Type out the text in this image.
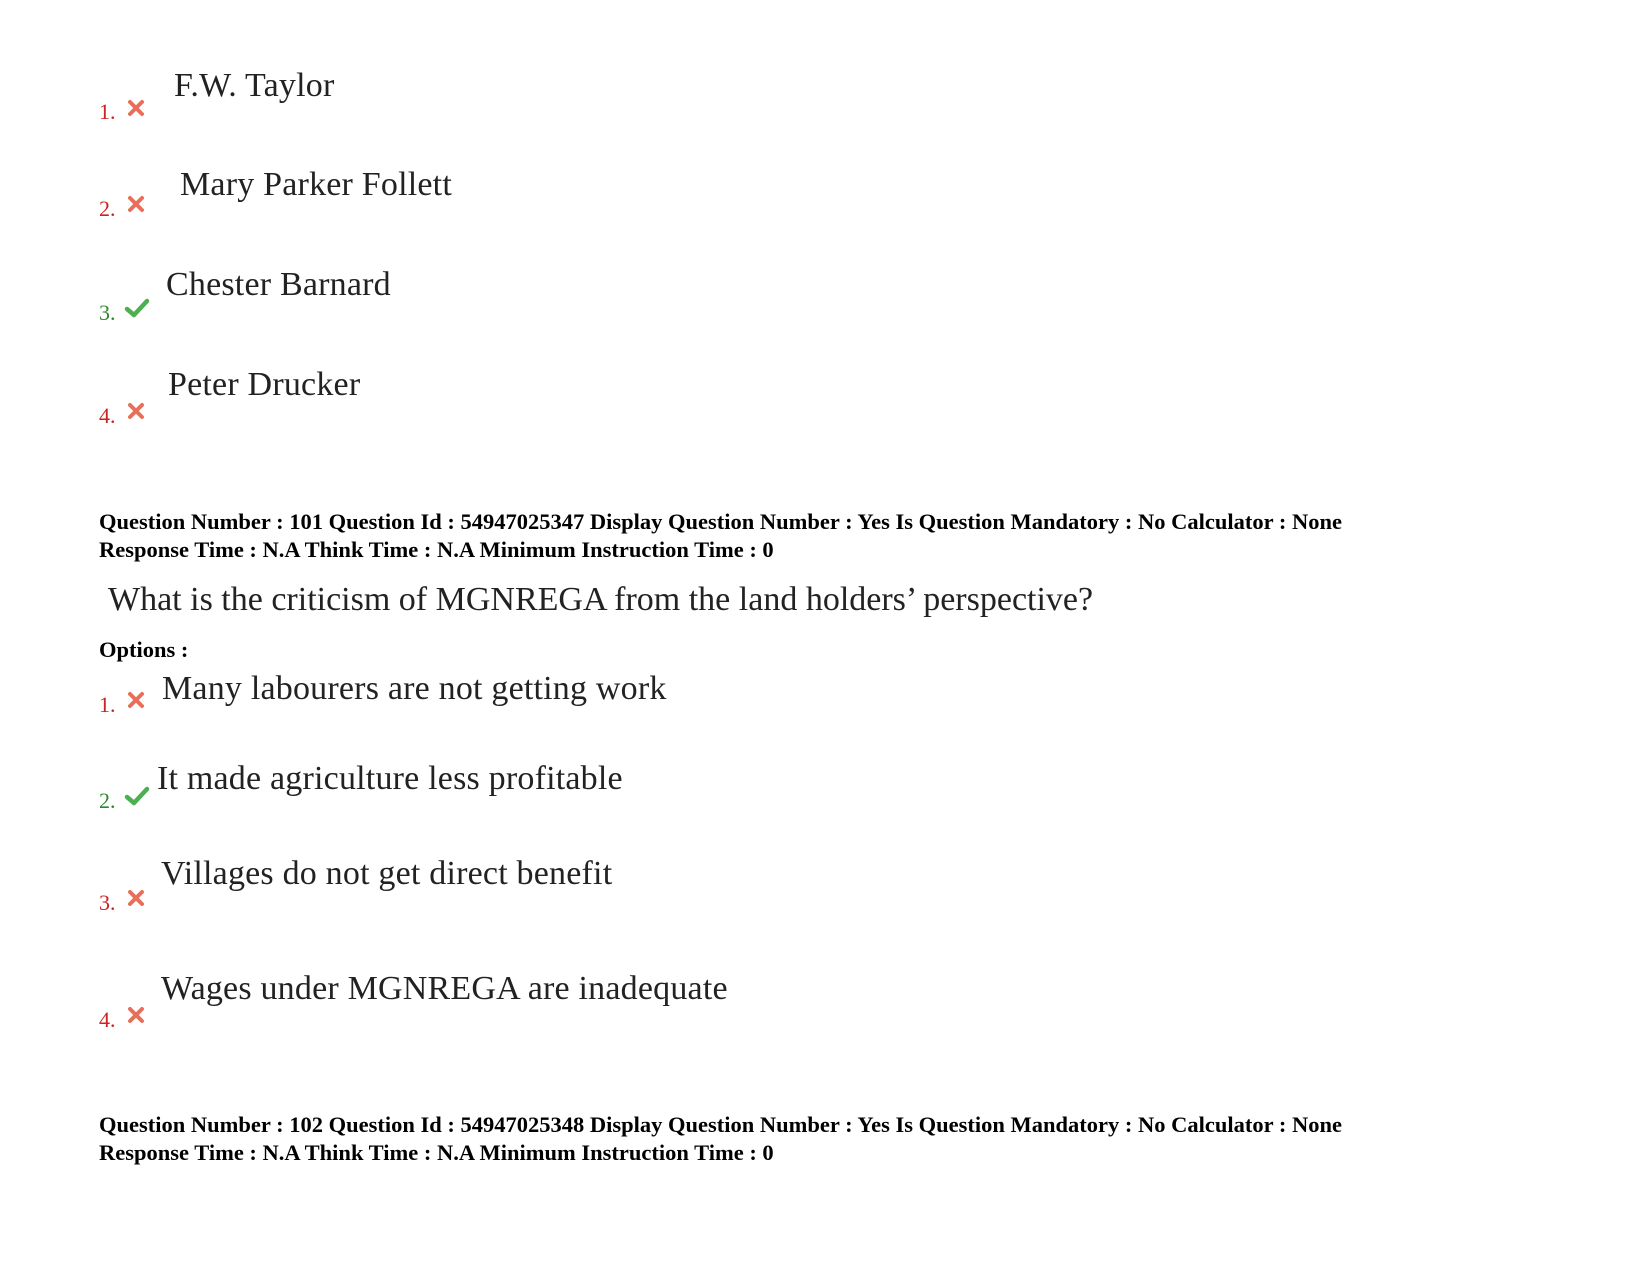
1.
F.W. Taylor
2.
Mary Parker Follett
3.
Chester Barnard
4.
Peter Drucker
Question Number : 101 Question Id : 54947025347 Display Question Number : Yes Is Question Mandatory : No Calculator : None
Response Time : N.A Think Time : N.A Minimum Instruction Time : 0
What is the criticism of MGNREGA from the land holders’ perspective?
Options :
1. Many labourers are not getting work
2.
It made agriculture less profitable
3.
Villages do not get direct benefit
4.
Wages under MGNREGA are inadequate
Question Number : 102 Question Id : 54947025348 Display Question Number : Yes Is Question Mandatory : No Calculator : None
Response Time : N.A Think Time : N.A Minimum Instruction Time : 0
